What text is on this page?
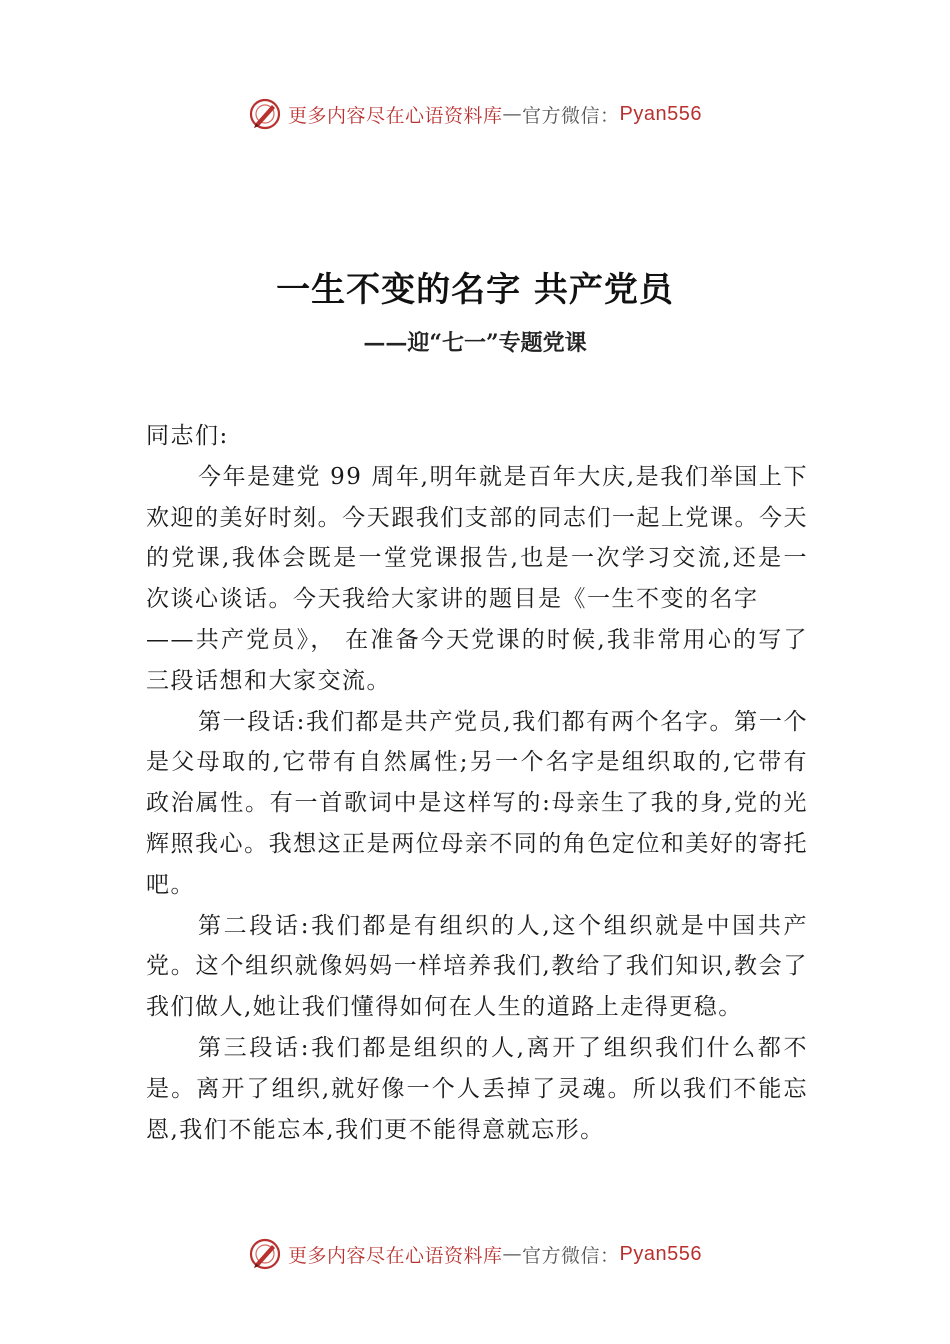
更多内容尽在心语资料库 — 官方微信： Pyan556
一生不变的名字 共产党员
——迎“七一”专题党课

同志们:

今年是建党 99 周年,明年就是百年大庆,是我们举国上下欢迎的美好时刻。今天跟我们支部的同志们一起上党课。今天的党课,我体会既是一堂党课报告,也是一次学习交流,还是一次谈心谈话。今天我给大家讲的题目是《一生不变的名字

——共产党员》， 在准备今天党课的时候,我非常用心的写了三段话想和大家交流。

第一段话:我们都是共产党员,我们都有两个名字。第一个是父母取的,它带有自然属性;另一个名字是组织取的,它带有政治属性。有一首歌词中是这样写的:母亲生了我的身,党的光辉照我心。我想这正是两位母亲不同的角色定位和美好的寄托吧。

第二段话:我们都是有组织的人,这个组织就是中国共产党。这个组织就像妈妈一样培养我们,教给了我们知识,教会了我们做人,她让我们懂得如何在人生的道路上走得更稳。

第三段话:我们都是组织的人,离开了组织我们什么都不是。离开了组织,就好像一个人丢掉了灵魂。所以我们不能忘恩,我们不能忘本,我们更不能得意就忘形。

更多内容尽在心语资料库 — 官方微信： Pyan556
